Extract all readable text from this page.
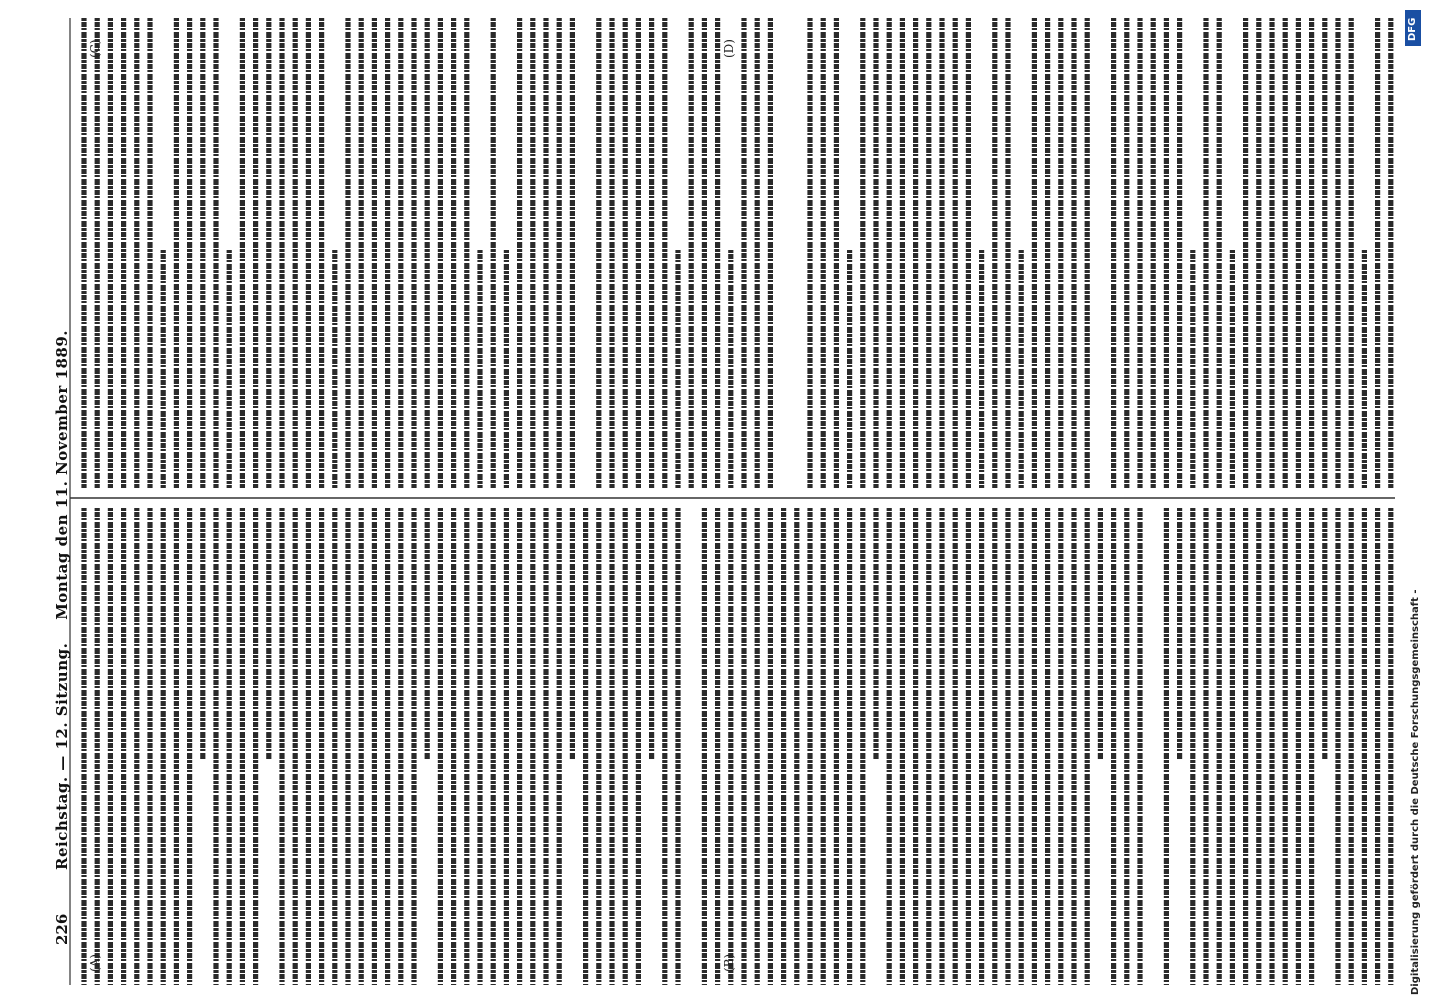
226
Reichstag. — 12. Sitzung.    Montag den 11. November 1889.
(A)	(B)
(C)	(D)
Digitalisierung gefördert durch die Deutsche Forschungsgemeinschaft -
DFG
